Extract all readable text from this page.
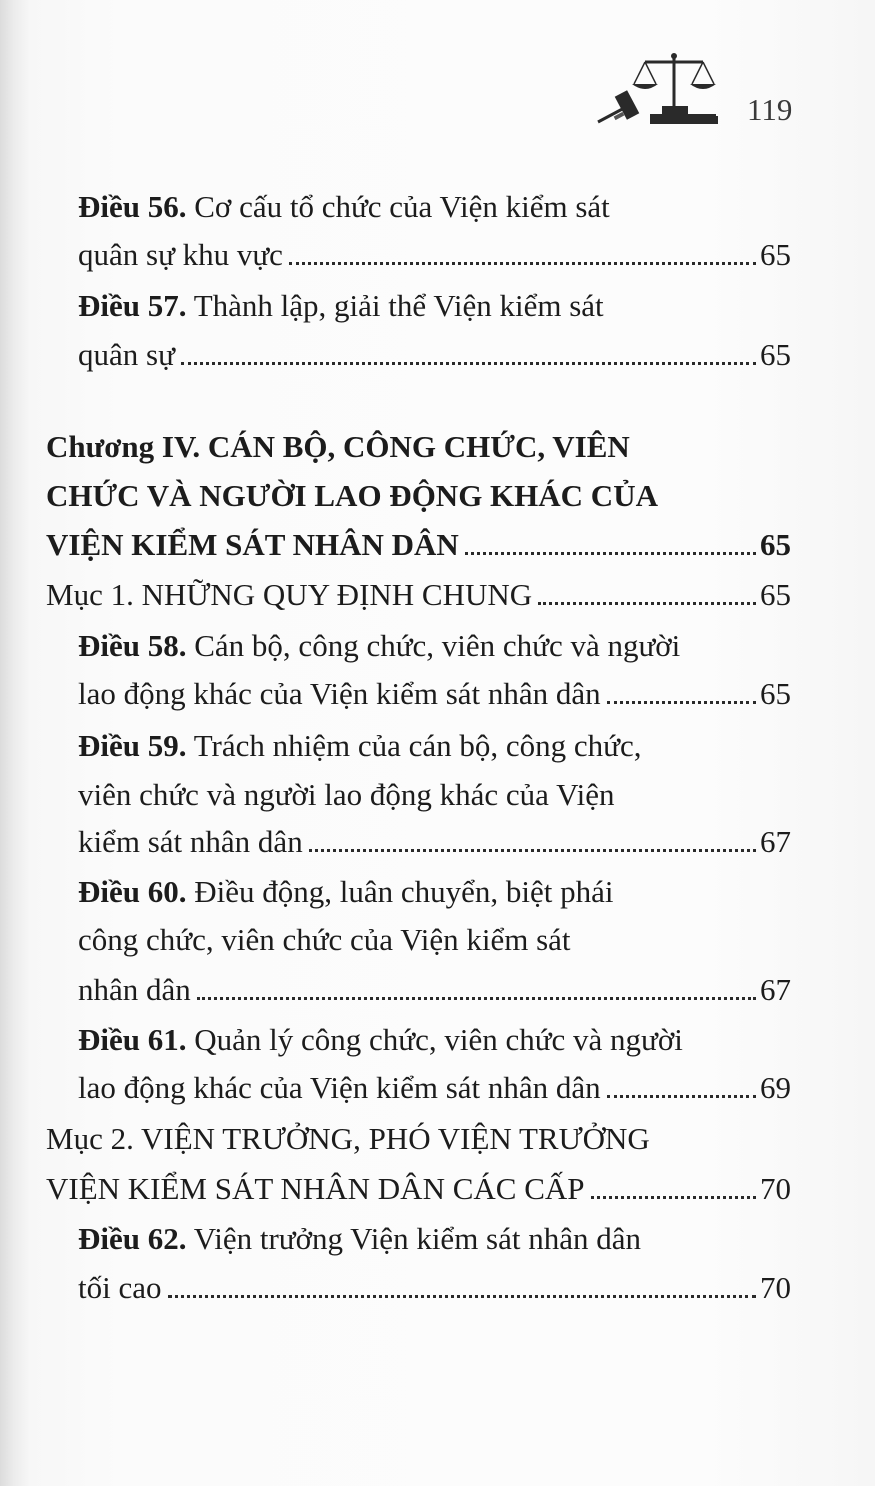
119
Điều 56. Cơ cấu tổ chức của Viện kiểm sát
quân sự khu vực	65
Điều 57. Thành lập, giải thể Viện kiểm sát
quân sự	65
Chương IV. CÁN BỘ, CÔNG CHỨC, VIÊN
CHỨC VÀ NGƯỜI LAO ĐỘNG KHÁC CỦA
VIỆN KIỂM SÁT NHÂN DÂN	65
Mục 1. NHỮNG QUY ĐỊNH CHUNG	65
Điều 58. Cán bộ, công chức, viên chức và người
lao động khác của Viện kiểm sát nhân dân	65
Điều 59. Trách nhiệm của cán bộ, công chức,
viên chức và người lao động khác của Viện
kiểm sát nhân dân	67
Điều 60. Điều động, luân chuyển, biệt phái
công chức, viên chức của Viện kiểm sát
nhân dân	67
Điều 61. Quản lý công chức, viên chức và người
lao động khác của Viện kiểm sát nhân dân	69
Mục 2. VIỆN TRƯỞNG, PHÓ VIỆN TRƯỞNG
VIỆN KIỂM SÁT NHÂN DÂN CÁC CẤP	70
Điều 62. Viện trưởng Viện kiểm sát nhân dân
tối cao	70
